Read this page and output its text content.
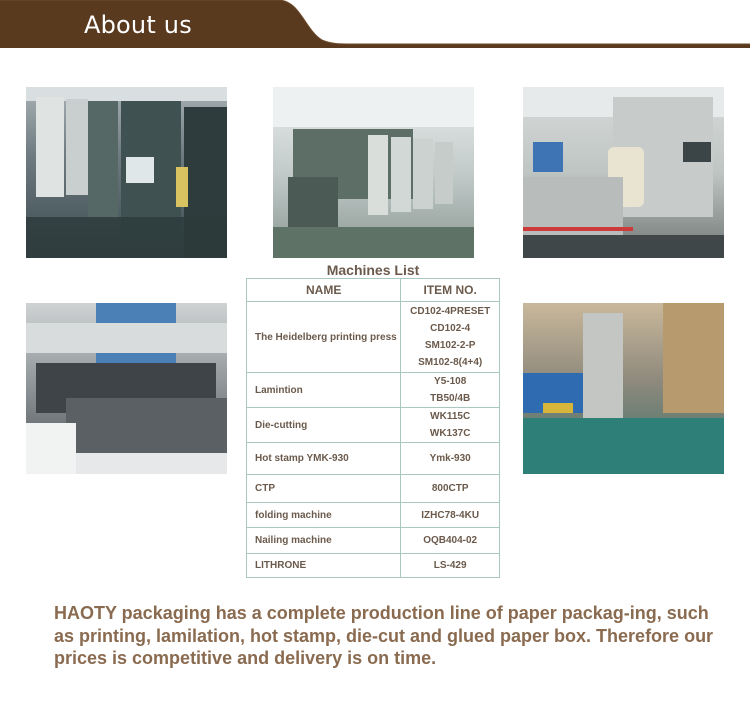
About us
Machines List
NAME	ITEM NO.
The Heidelberg printing press	CD102-4PRESET
CD102-4
SM102-2-P
SM102-8(4+4)

Lamintion	Y5-108
TB50/4B

Die-cutting	WK115C
WK137C

Hot stamp YMK-930	Ymk-930
CTP	800CTP
folding machine	IZHC78-4KU
Nailing machine	OQB404-02
LITHRONE	LS-429
HAOTY packaging has a complete production line of paper packag-ing, such as printing, lamilation, hot stamp, die-cut and glued paper box. Therefore our prices is competitive and delivery is on time.
